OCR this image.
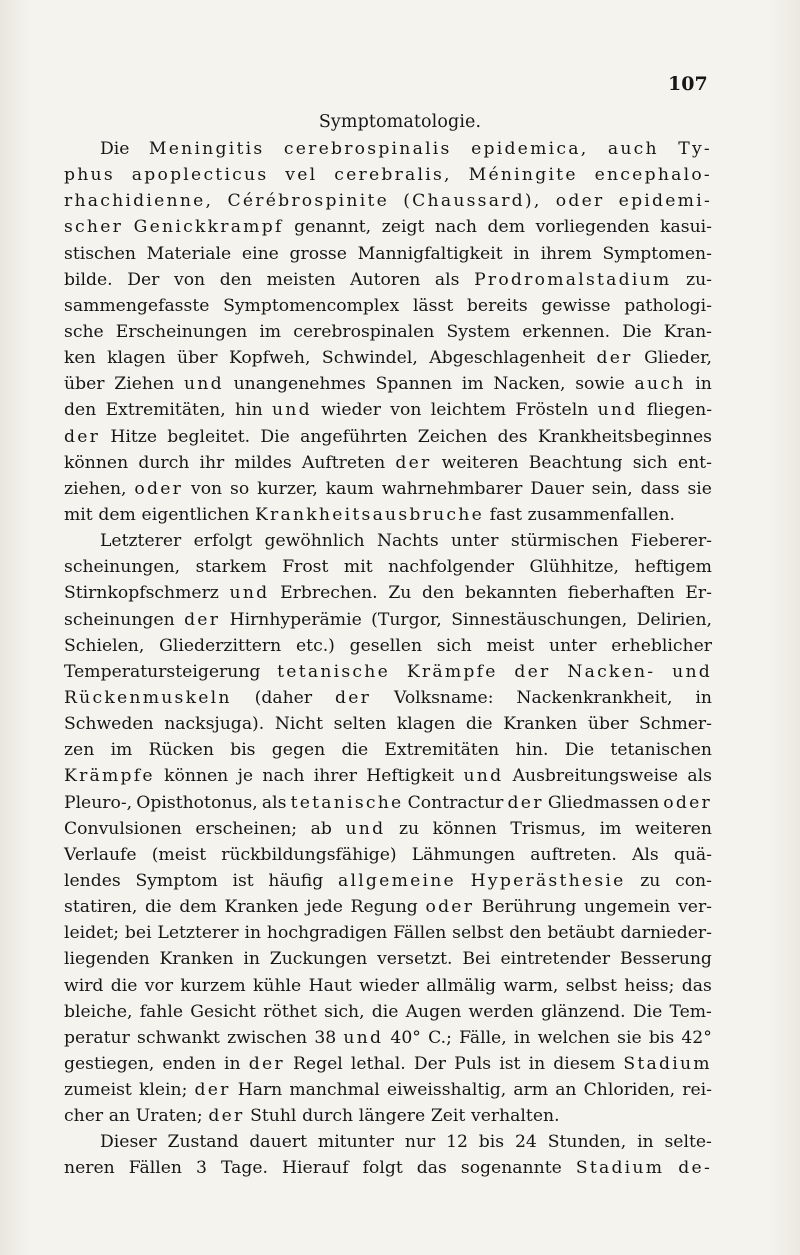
107
Symptomatologie.
Die Meningitis cerebrospinalis epidemica, auch Ty-
phus apoplecticus vel cerebralis, Méningite encephalo-
rhachidienne, Cérébrospinite (Chaussard), oder epidemi-
scher Genickkrampf genannt, zeigt nach dem vorliegenden kasui-
stischen Materiale eine grosse Mannigfaltigkeit in ihrem Symptomen-
bilde. Der von den meisten Autoren als Prodromalstadium zu-
sammengefasste Symptomencomplex lässt bereits gewisse pathologi-
sche Erscheinungen im cerebrospinalen System erkennen. Die Kran-
ken klagen über Kopfweh, Schwindel, Abgeschlagenheit der Glieder,
über Ziehen und unangenehmes Spannen im Nacken, sowie auch in
den Extremitäten, hin und wieder von leichtem Frösteln und fliegen-
der Hitze begleitet. Die angeführten Zeichen des Krankheitsbeginnes
können durch ihr mildes Auftreten der weiteren Beachtung sich ent-
ziehen, oder von so kurzer, kaum wahrnehmbarer Dauer sein, dass sie
mit dem eigentlichen Krankheitsausbruche fast zusammenfallen.
Letzterer erfolgt gewöhnlich Nachts unter stürmischen Fieberer-
scheinungen, starkem Frost mit nachfolgender Glühhitze, heftigem
Stirnkopfschmerz und Erbrechen. Zu den bekannten fieberhaften Er-
scheinungen der Hirnhyperämie (Turgor, Sinnestäuschungen, Delirien,
Schielen, Gliederzittern etc.) gesellen sich meist unter erheblicher
Temperatursteigerung tetanische Krämpfe der Nacken- und
Rückenmuskeln (daher der Volksname: Nackenkrankheit, in
Schweden nacksjuga). Nicht selten klagen die Kranken über Schmer-
zen im Rücken bis gegen die Extremitäten hin. Die tetanischen
Krämpfe können je nach ihrer Heftigkeit und Ausbreitungsweise als
Pleuro-, Opisthotonus, als tetanische Contractur der Gliedmassen oder
Convulsionen erscheinen; ab und zu können Trismus, im weiteren
Verlaufe (meist rückbildungsfähige) Lähmungen auftreten. Als quä-
lendes Symptom ist häufig allgemeine Hyperästhesie zu con-
statiren, die dem Kranken jede Regung oder Berührung ungemein ver-
leidet; bei Letzterer in hochgradigen Fällen selbst den betäubt darnieder-
liegenden Kranken in Zuckungen versetzt. Bei eintretender Besserung
wird die vor kurzem kühle Haut wieder allmälig warm, selbst heiss; das
bleiche, fahle Gesicht röthet sich, die Augen werden glänzend. Die Tem-
peratur schwankt zwischen 38 und 40° C.; Fälle, in welchen sie bis 42°
gestiegen, enden in der Regel lethal. Der Puls ist in diesem Stadium
zumeist klein; der Harn manchmal eiweisshaltig, arm an Chloriden, rei-
cher an Uraten; der Stuhl durch längere Zeit verhalten.
Dieser Zustand dauert mitunter nur 12 bis 24 Stunden, in selte-
neren Fällen 3 Tage. Hierauf folgt das sogenannte Stadium de-
